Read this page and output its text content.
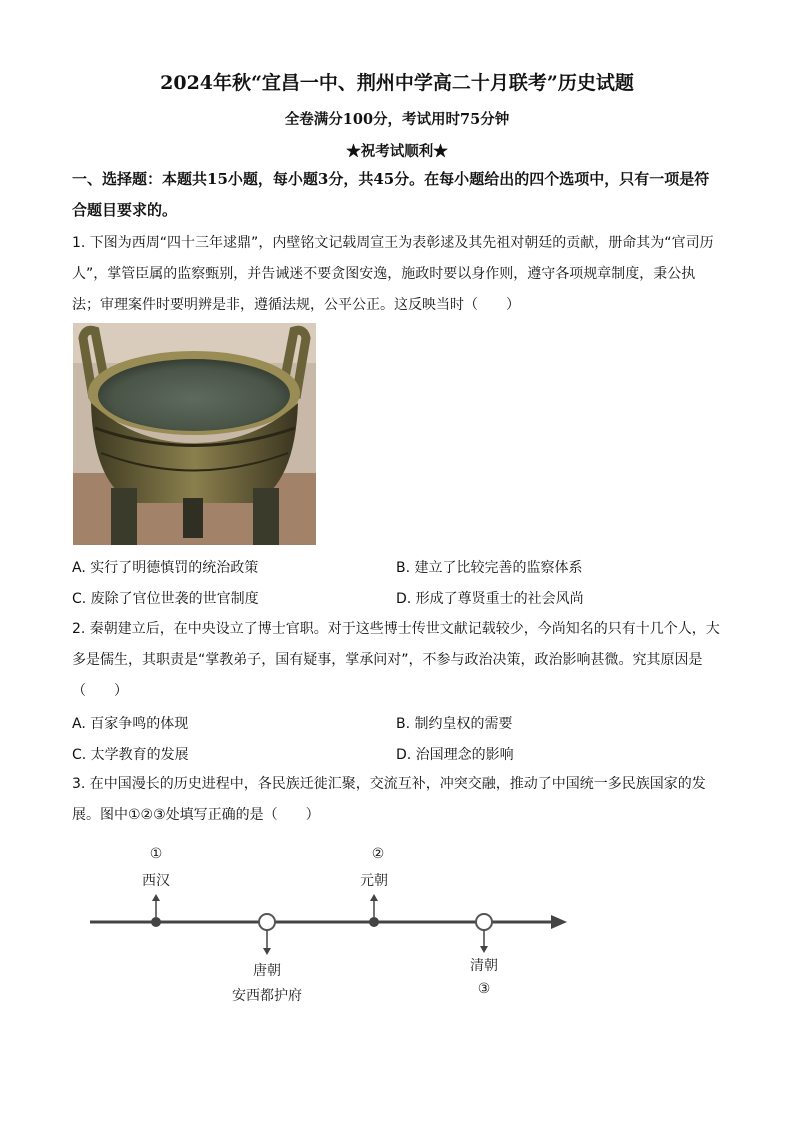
2024年秋“宜昌一中、荆州中学高二十月联考”历史试题
全卷满分100分，考试用时75分钟
★祝考试顺利★
一、选择题：本题共15小题，每小题3分，共45分。在每小题给出的四个选项中，只有一项是符合题目要求的。
1. 下图为西周“四十三年逑鼎”，内壁铭文记载周宣王为表彰逑及其先祖对朝廷的贡献，册命其为“官司历人”，掌管臣属的监察甄别，并告诫迷不要贪图安逸，施政时要以身作则，遵守各项规章制度，秉公执法；审理案件时要明辨是非，遵循法规，公平公正。这反映当时（　　）
A. 实行了明德慎罚的统治政策	B. 建立了比较完善的监察体系
C. 废除了官位世袭的世官制度	D. 形成了尊贤重士的社会风尚
2. 秦朝建立后，在中央设立了博士官职。对于这些博士传世文献记载较少，今尚知名的只有十几个人，大多是儒生，其职责是“掌教弟子，国有疑事，掌承问对”，不参与政治决策，政治影响甚微。究其原因是（　　）
A. 百家争鸣的体现	B. 制约皇权的需要
C. 太学教育的发展	D. 治国理念的影响
3. 在中国漫长的历史进程中，各民族迁徙汇聚，交流互补，冲突交融，推动了中国统一多民族国家的发展。图中①②③处填写正确的是（　　）
①
西汉
唐朝
安西都护府
②
元朝
清朝
③
